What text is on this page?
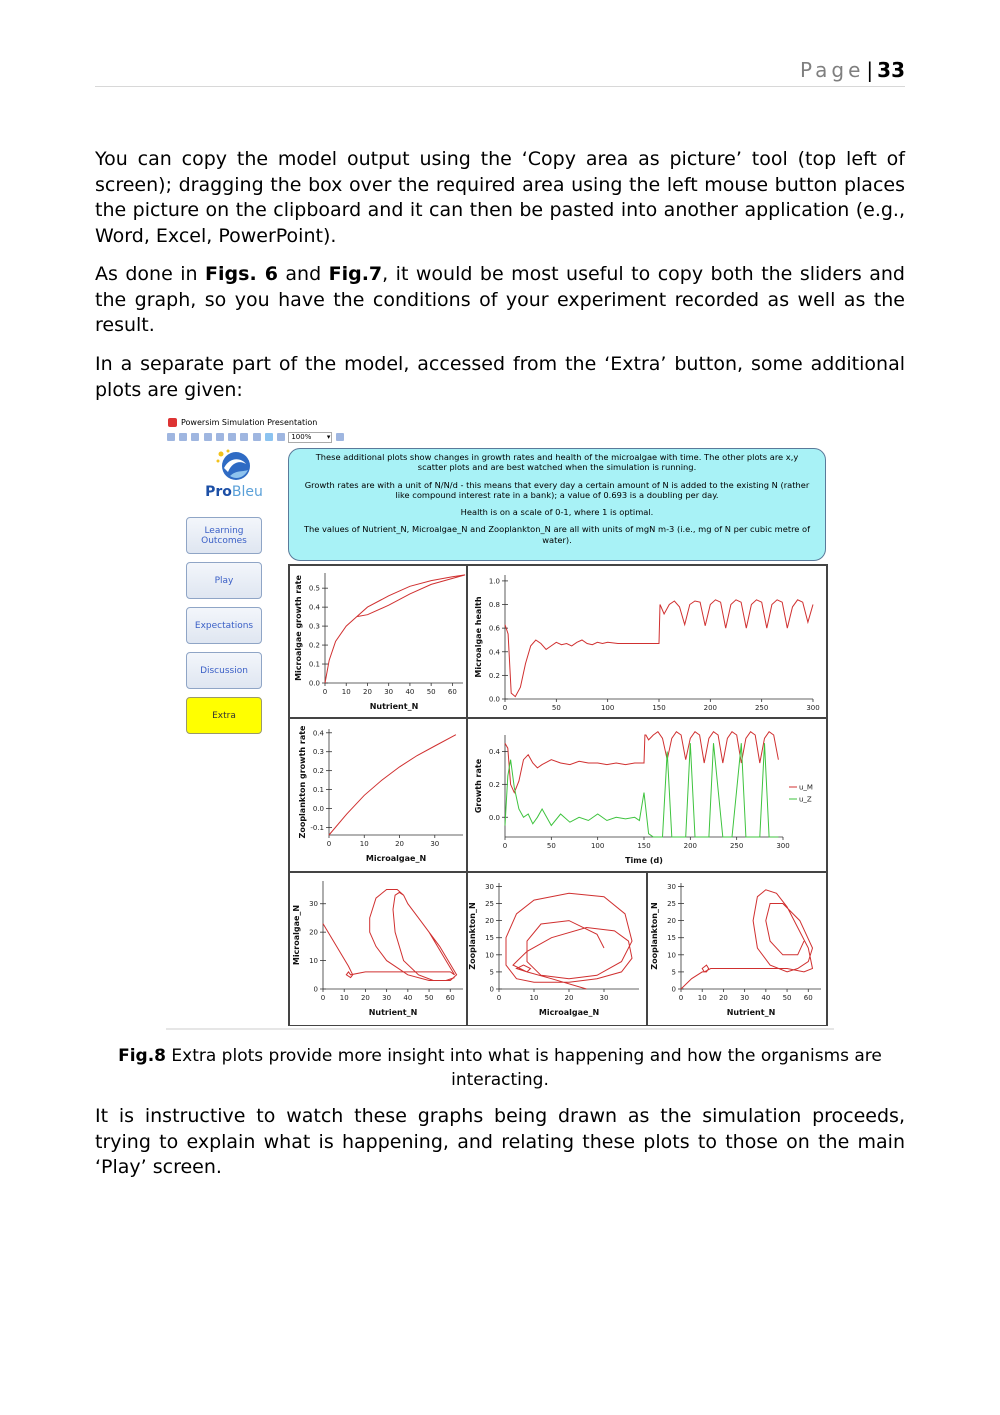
Page | 33

You can copy the model output using the ‘Copy area as picture’ tool (top left of screen); dragging the box over the required area using the left mouse button places the picture on the clipboard and it can then be pasted into another application (e.g., Word, Excel, PowerPoint).

As done in Figs. 6 and Fig.7, it would be most useful to copy both the sliders and the graph, so you have the conditions of your experiment recorded as well as the result.

In a separate part of the model, accessed from the ‘Extra’ button, some additional plots are given:

Powersim Simulation Presentation
100% ▾
ProBleu
Learning Outcomes
Play
Expectations
Discussion
Extra

These additional plots show changes in growth rates and health of the microalgae with time. The other plots are x,y scatter plots and are best watched when the simulation is running.

Growth rates are with a unit of N/N/d - this means that every day a certain amount of N is added to the existing N (rather like compound interest rate in a bank); a value of 0.693 is a doubling per day.

Health is on a scale of 0-1, where 1 is optimal.

The values of Nutrient_N, Microalgae_N and Zooplankton_N are all with units of mgN m-3 (i.e., mg of N per cubic metre of water).

0 10 20 30 40 50 60
0.0
0.1
0.2
0.3
0.4
0.5
Nutrient_N
Microalgae growth rate
0	50	100	150	200	250	300
0.0
0.2
0.4
0.6
0.8
1.0
Microalgae health
0	10	20	30
-0.1
0.0
0.1
0.2
0.3
0.4
Microalgae_N
Zooplankton growth rate
0	50	100	150	200	250	300
0.0
0.2
0.4
Time (d)
Growth rate	u_M
u_Z
0 10 20 30 40 50 60
0
10
20
30
Nutrient_N
Microalgae_N
0	10	20	30
0
5
10
15
20
25
30
Microalgae_N
Zooplankton_N
0 10 20 30 40 50 60
0
5
10
15
20
25
30
Nutrient_N
Zooplankton_N

Fig.8 Extra plots provide more insight into what is happening and how the organisms are interacting.

It is instructive to watch these graphs being drawn as the simulation proceeds, trying to explain what is happening, and relating these plots to those on the main ‘Play’ screen.
